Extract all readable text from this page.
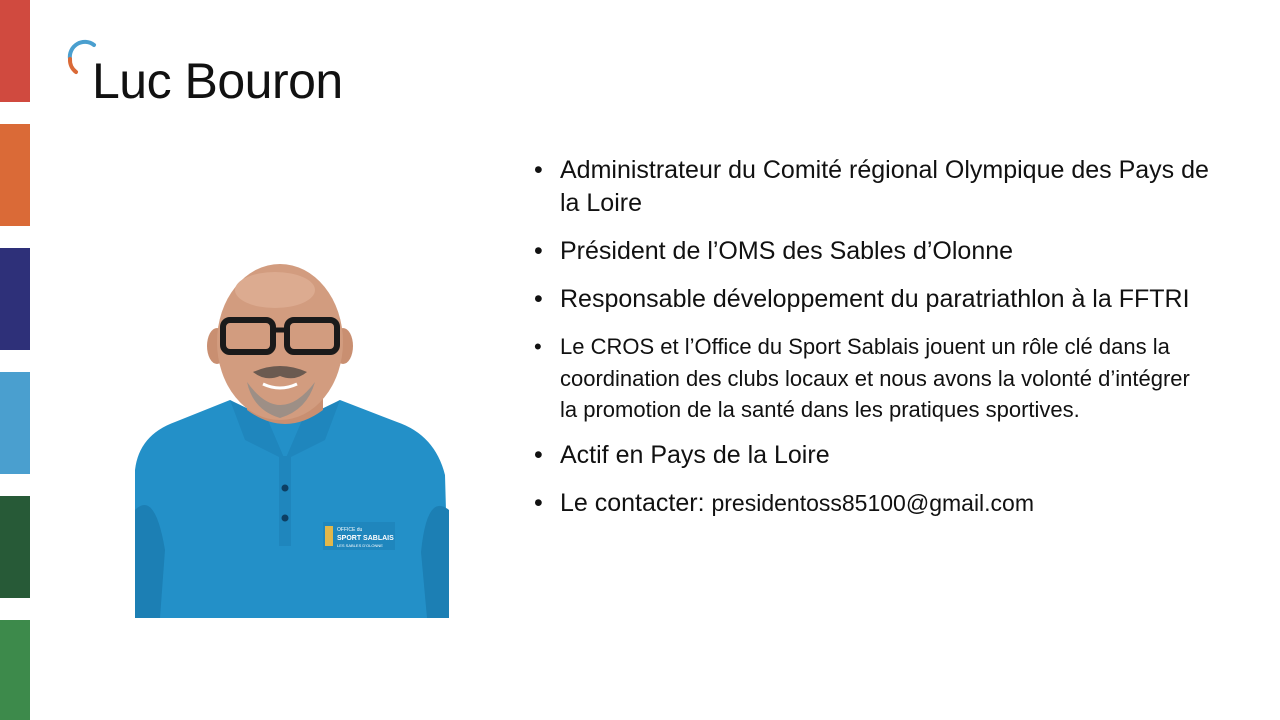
Luc Bouron
OFFICE du
SPORT SABLAIS
LES SABLES D'OLONNE
• Administrateur du Comité régional Olympique des Pays de la Loire
• Président de l’OMS des Sables d’Olonne
• Responsable développement du paratriathlon à la FFTRI
• Le CROS et l’Office du Sport Sablais jouent un rôle clé dans la coordination des clubs locaux et nous avons la volonté d’intégrer la promotion de la santé dans les pratiques sportives.
• Actif en Pays de la Loire
• Le contacter: presidentoss85100@gmail.com
